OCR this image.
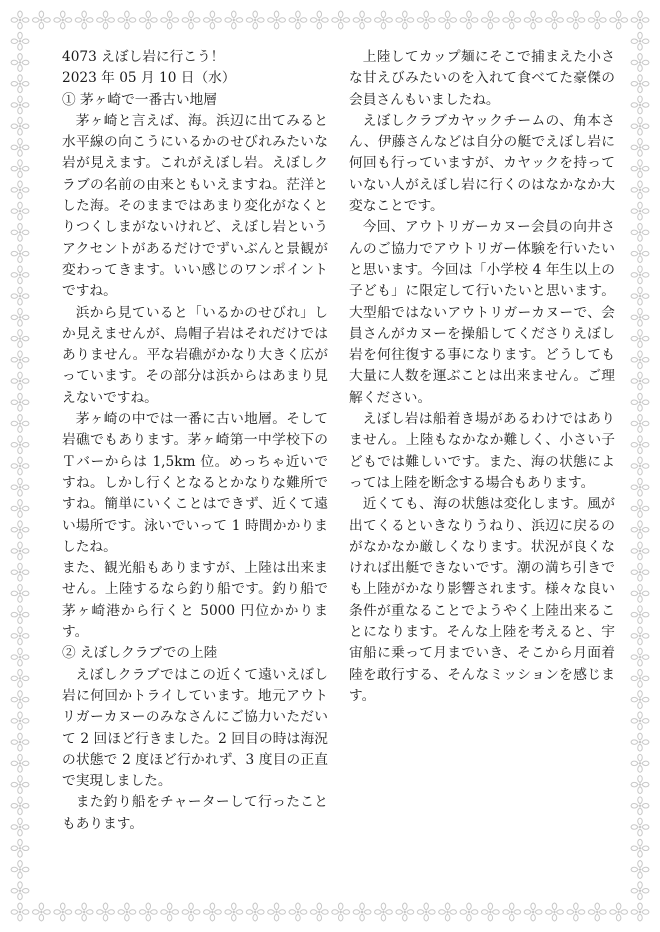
4073 えぼし岩に行こう！

2023 年 05 月 10 日（水）

① 茅ヶ崎で一番古い地層

茅ヶ崎と言えば、海。浜辺に出てみると水平線の向こうにいるかのせびれみたいな岩が見えます。これがえぼし岩。えぼしクラブの名前の由来ともいえますね。茫洋とした海。そのままではあまり変化がなくとりつくしまがないけれど、えぼし岩というアクセントがあるだけでずいぶんと景観が変わってきます。いい感じのワンポイントですね。

浜から見ていると「いるかのせびれ」しか見えませんが、烏帽子岩はそれだけではありません。平な岩礁がかなり大きく広がっています。その部分は浜からはあまり見えないですね。

茅ヶ崎の中では一番に古い地層。そして岩礁でもあります。茅ヶ崎第一中学校下のＴバーからは 1,5km 位。めっちゃ近いですね。しかし行くとなるとかなりな難所ですね。簡単にいくことはできず、近くて遠い場所です。泳いでいって 1 時間かかりましたね。

また、観光船もありますが、上陸は出来ません。上陸するなら釣り船です。釣り船で茅ヶ崎港から行くと 5000 円位かかります。

② えぼしクラブでの上陸

えぼしクラブではこの近くて遠いえぼし岩に何回かトライしています。地元アウトリガーカヌーのみなさんにご協力いただいて 2 回ほど行きました。2 回目の時は海況の状態で 2 度ほど行かれず、3 度目の正直で実現しました。

また釣り船をチャーターして行ったこともあります。

上陸してカップ麺にそこで捕まえた小さな甘えびみたいのを入れて食べてた豪傑の会員さんもいましたね。

えぼしクラブカヤックチームの、角本さん、伊藤さんなどは自分の艇でえぼし岩に何回も行っていますが、カヤックを持っていない人がえぼし岩に行くのはなかなか大変なことです。

今回、アウトリガーカヌー会員の向井さんのご協力でアウトリガー体験を行いたいと思います。今回は「小学校 4 年生以上の子ども」に限定して行いたいと思います。大型船ではないアウトリガーカヌーで、会員さんがカヌーを操船してくださりえぼし岩を何往復する事になります。どうしても大量に人数を運ぶことは出来ません。ご理解ください。

えぼし岩は船着き場があるわけではありません。上陸もなかなか難しく、小さい子どもでは難しいです。また、海の状態によっては上陸を断念する場合もあります。

近くても、海の状態は変化します。風が出てくるといきなりうねり、浜辺に戻るのがなかなか厳しくなります。状況が良くなければ出艇できないです。潮の満ち引きでも上陸がかなり影響されます。様々な良い条件が重なることでようやく上陸出来ることになります。そんな上陸を考えると、宇宙船に乗って月までいき、そこから月面着陸を敢行する、そんなミッションを感じます。
